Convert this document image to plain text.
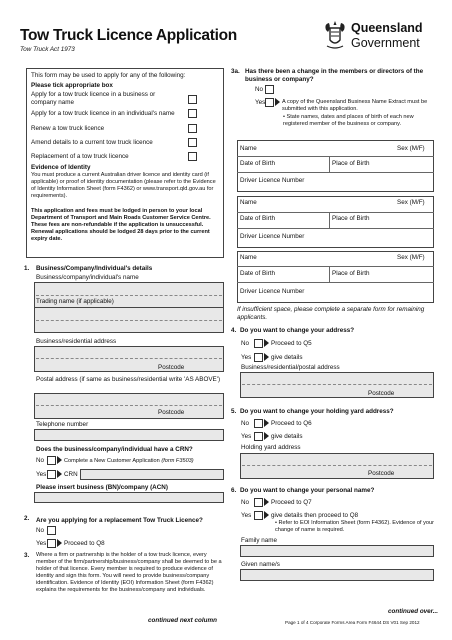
Tow Truck Licence Application
Tow Truck Act 1973
Queensland
Government
This form may be used to apply for any of the following:
Please tick appropriate box
Apply for a tow truck licence in a business or company name
Apply for a tow truck licence in an individual's name
Renew a tow truck licence
Amend details to a current tow truck licence
Replacement of a tow truck licence
Evidence of Identity
You must produce a current Australian driver licence and identity card (if applicable) or proof of identity documentation (please refer to the Evidence of Identity Information Sheet (form F4362) or www.transport.qld.gov.au for requirements).
This application and fees must be lodged in person to your local Department of Transport and Main Roads Customer Service Centre. These fees are non-refundable if the application is unsuccessful. Renewal applications should be lodged 28 days prior to the current expiry date.
1. Business/Company/Individual's details
Business/company/individual's name
Trading name (if applicable)
Business/residential address
Postcode
Postal address (if same as business/residential write 'AS ABOVE')
Postcode
Telephone number
Does the business/company/individual have a CRN?
No	Complete a New Customer Application (form F3503)
Yes	CRN
Please insert business (BN)/company (ACN)
2. Are you applying for a replacement Tow Truck Licence?
No
Yes	Proceed to Q8
3. Where a firm or partnership is the holder of a tow truck licence, every member of the firm/partnership/business/company shall be deemed to be a holder of that licence. Every member is required to produce evidence of identity and sign this form. You will need to provide business/company identification. Evidence of Identity (EOI) Information Sheet (form F4362) explains the requirements for the business/company and individuals.
continued next column
3a. Has there been a change in the members or directors of the business or company?
No
Yes	A copy of the Queensland Business Name Extract must be submitted with this application.
• State names, dates and places of birth of each new registered member of the business or company.
Name	Sex (M/F)
Date of Birth	Place of Birth
Driver Licence Number
Name	Sex (M/F)
Date of Birth	Place of Birth
Driver Licence Number
Name	Sex (M/F)
Date of Birth	Place of Birth
Driver Licence Number
If insufficient space, please complete a separate form for remaining applicants.
4. Do you want to change your address?
No	Proceed to Q5
Yes	give details
Business/residential/postal address
Postcode
5. Do you want to change your holding yard address?
No	Proceed to Q6
Yes	give details
Holding yard address
Postcode
6. Do you want to change your personal name?
No	Proceed to Q7
Yes	give details then proceed to Q8
• Refer to EOI Information Sheet (form F4362). Evidence of your change of name is required.
Family name
Given name/s
continued over...
Page 1 of 4 Corporate Forms Area Form F4644 DS V01 Sep 2012
